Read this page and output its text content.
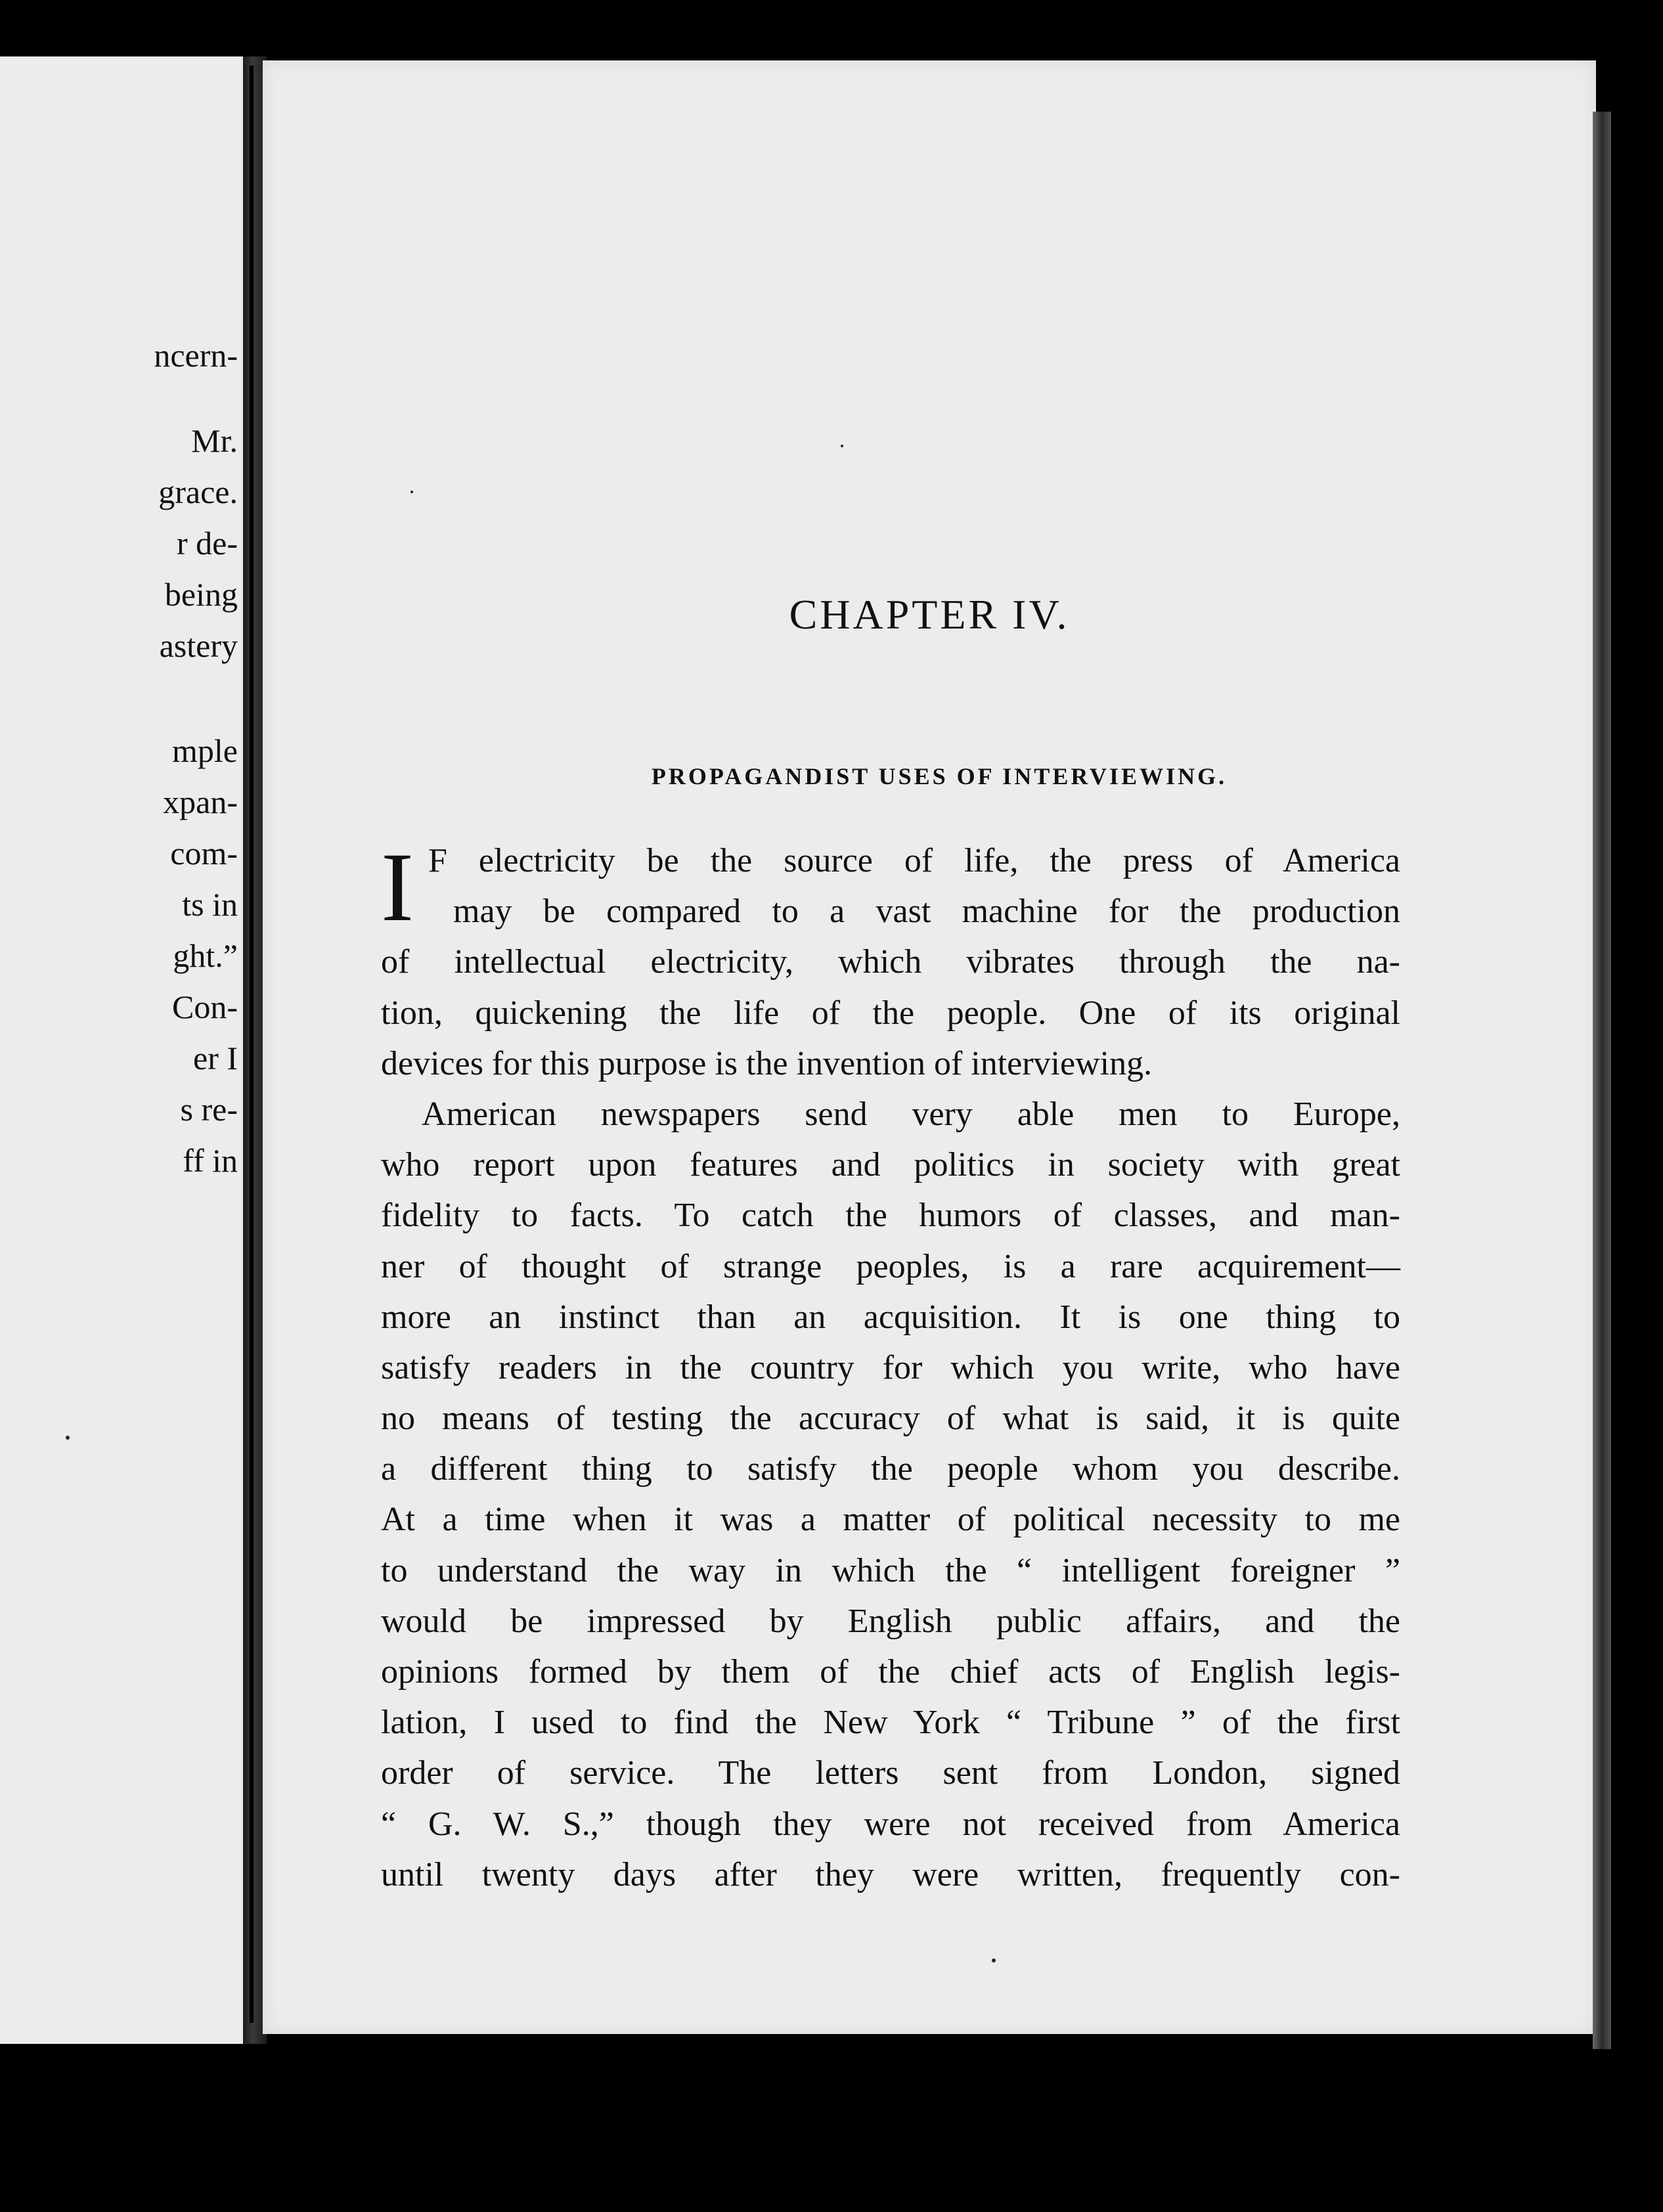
ncern-
Mr.
grace.
r de-
being
astery
mple
xpan-
com-
ts in
ght.”
Con-
er I
s re-
ff in
CHAPTER IV.
PROPAGANDIST USES OF INTERVIEWING.
I F electricity be the source of life, the press of America
may be compared to a vast machine for the production
of intellectual electricity, which vibrates through the na-
tion, quickening the life of the people. One of its original
devices for this purpose is the invention of interviewing.
American newspapers send very able men to Europe,
who report upon features and politics in society with great
fidelity to facts. To catch the humors of classes, and man-
ner of thought of strange peoples, is a rare acquirement—
more an instinct than an acquisition. It is one thing to
satisfy readers in the country for which you write, who have
no means of testing the accuracy of what is said, it is quite
a different thing to satisfy the people whom you describe.
At a time when it was a matter of political necessity to me
to understand the way in which the “ intelligent foreigner ”
would be impressed by English public affairs, and the
opinions formed by them of the chief acts of English legis-
lation, I used to find the New York “ Tribune ” of the first
order of service. The letters sent from London, signed
“ G. W. S.,” though they were not received from America
until twenty days after they were written, frequently con-
